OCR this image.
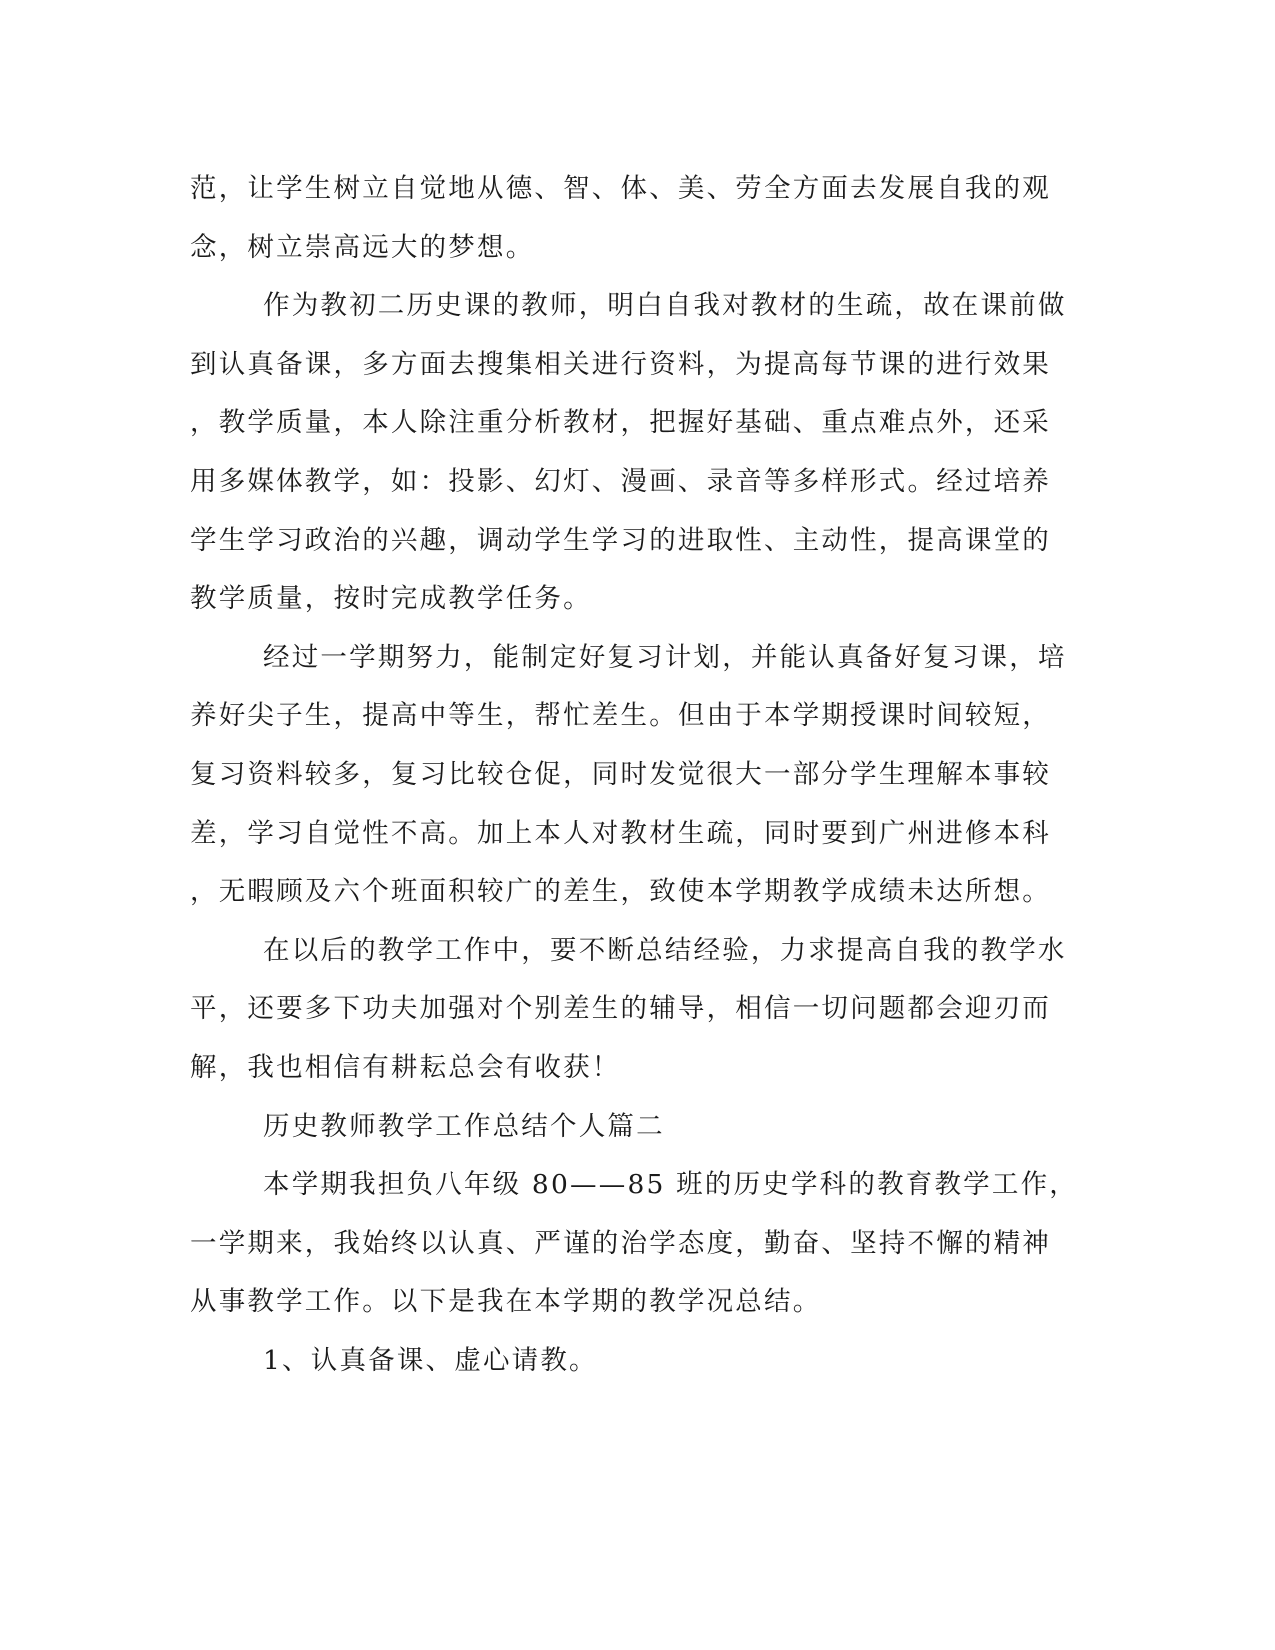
范，让学生树立自觉地从德、智、体、美、劳全方面去发展自我的观
念，树立崇高远大的梦想。
作为教初二历史课的教师，明白自我对教材的生疏，故在课前做
到认真备课，多方面去搜集相关进行资料，为提高每节课的进行效果
，教学质量，本人除注重分析教材，把握好基础、重点难点外，还采
用多媒体教学，如：投影、幻灯、漫画、录音等多样形式。经过培养
学生学习政治的兴趣，调动学生学习的进取性、主动性，提高课堂的
教学质量，按时完成教学任务。
经过一学期努力，能制定好复习计划，并能认真备好复习课，培
养好尖子生，提高中等生，帮忙差生。但由于本学期授课时间较短，
复习资料较多，复习比较仓促，同时发觉很大一部分学生理解本事较
差，学习自觉性不高。加上本人对教材生疏，同时要到广州进修本科
，无暇顾及六个班面积较广的差生，致使本学期教学成绩未达所想。
在以后的教学工作中，要不断总结经验，力求提高自我的教学水
平，还要多下功夫加强对个别差生的辅导，相信一切问题都会迎刃而
解，我也相信有耕耘总会有收获！
历史教师教学工作总结个人篇二
本学期我担负八年级 80——85 班的历史学科的教育教学工作，
一学期来，我始终以认真、严谨的治学态度，勤奋、坚持不懈的精神
从事教学工作。以下是我在本学期的教学况总结。
1、认真备课、虚心请教。
